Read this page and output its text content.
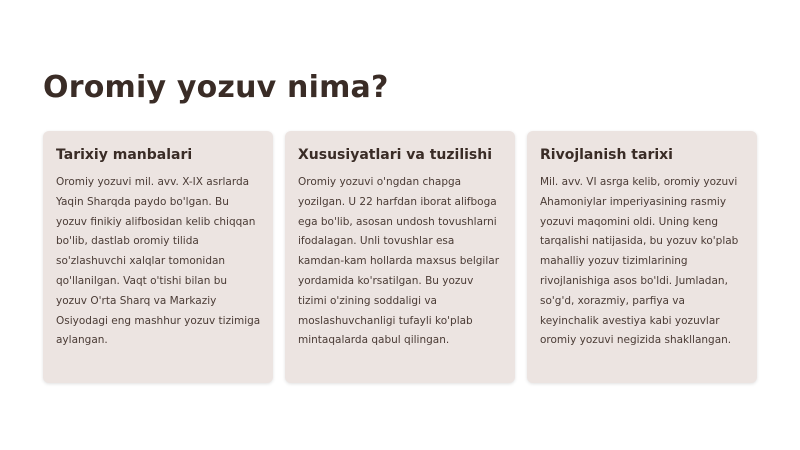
Oromiy yozuv nima?
Tarixiy manbalari

Oromiy yozuvi mil. avv. X-IX asrlarda Yaqin Sharqda paydo bo'lgan. Bu yozuv finikiy alifbosidan kelib chiqqan bo'lib, dastlab oromiy tilida so'zlashuvchi xalqlar tomonidan qo'llanilgan. Vaqt o'tishi bilan bu yozuv O'rta Sharq va Markaziy Osiyodagi eng mashhur yozuv tizimiga aylangan.

Xususiyatlari va tuzilishi

Oromiy yozuvi o'ngdan chapga yozilgan. U 22 harfdan iborat alifboga ega bo'lib, asosan undosh tovushlarni ifodalagan. Unli tovushlar esa kamdan-kam hollarda maxsus belgilar yordamida ko'rsatilgan. Bu yozuv tizimi o'zining soddaligi va moslashuvchanligi tufayli ko'plab mintaqalarda qabul qilingan.

Rivojlanish tarixi

Mil. avv. VI asrga kelib, oromiy yozuvi Ahamoniylar imperiyasining rasmiy yozuvi maqomini oldi. Uning keng tarqalishi natijasida, bu yozuv ko'plab mahalliy yozuv tizimlarining rivojlanishiga asos bo'ldi. Jumladan, so'g'd, xorazmiy, parfiya va keyinchalik avestiya kabi yozuvlar oromiy yozuvi negizida shakllangan.
